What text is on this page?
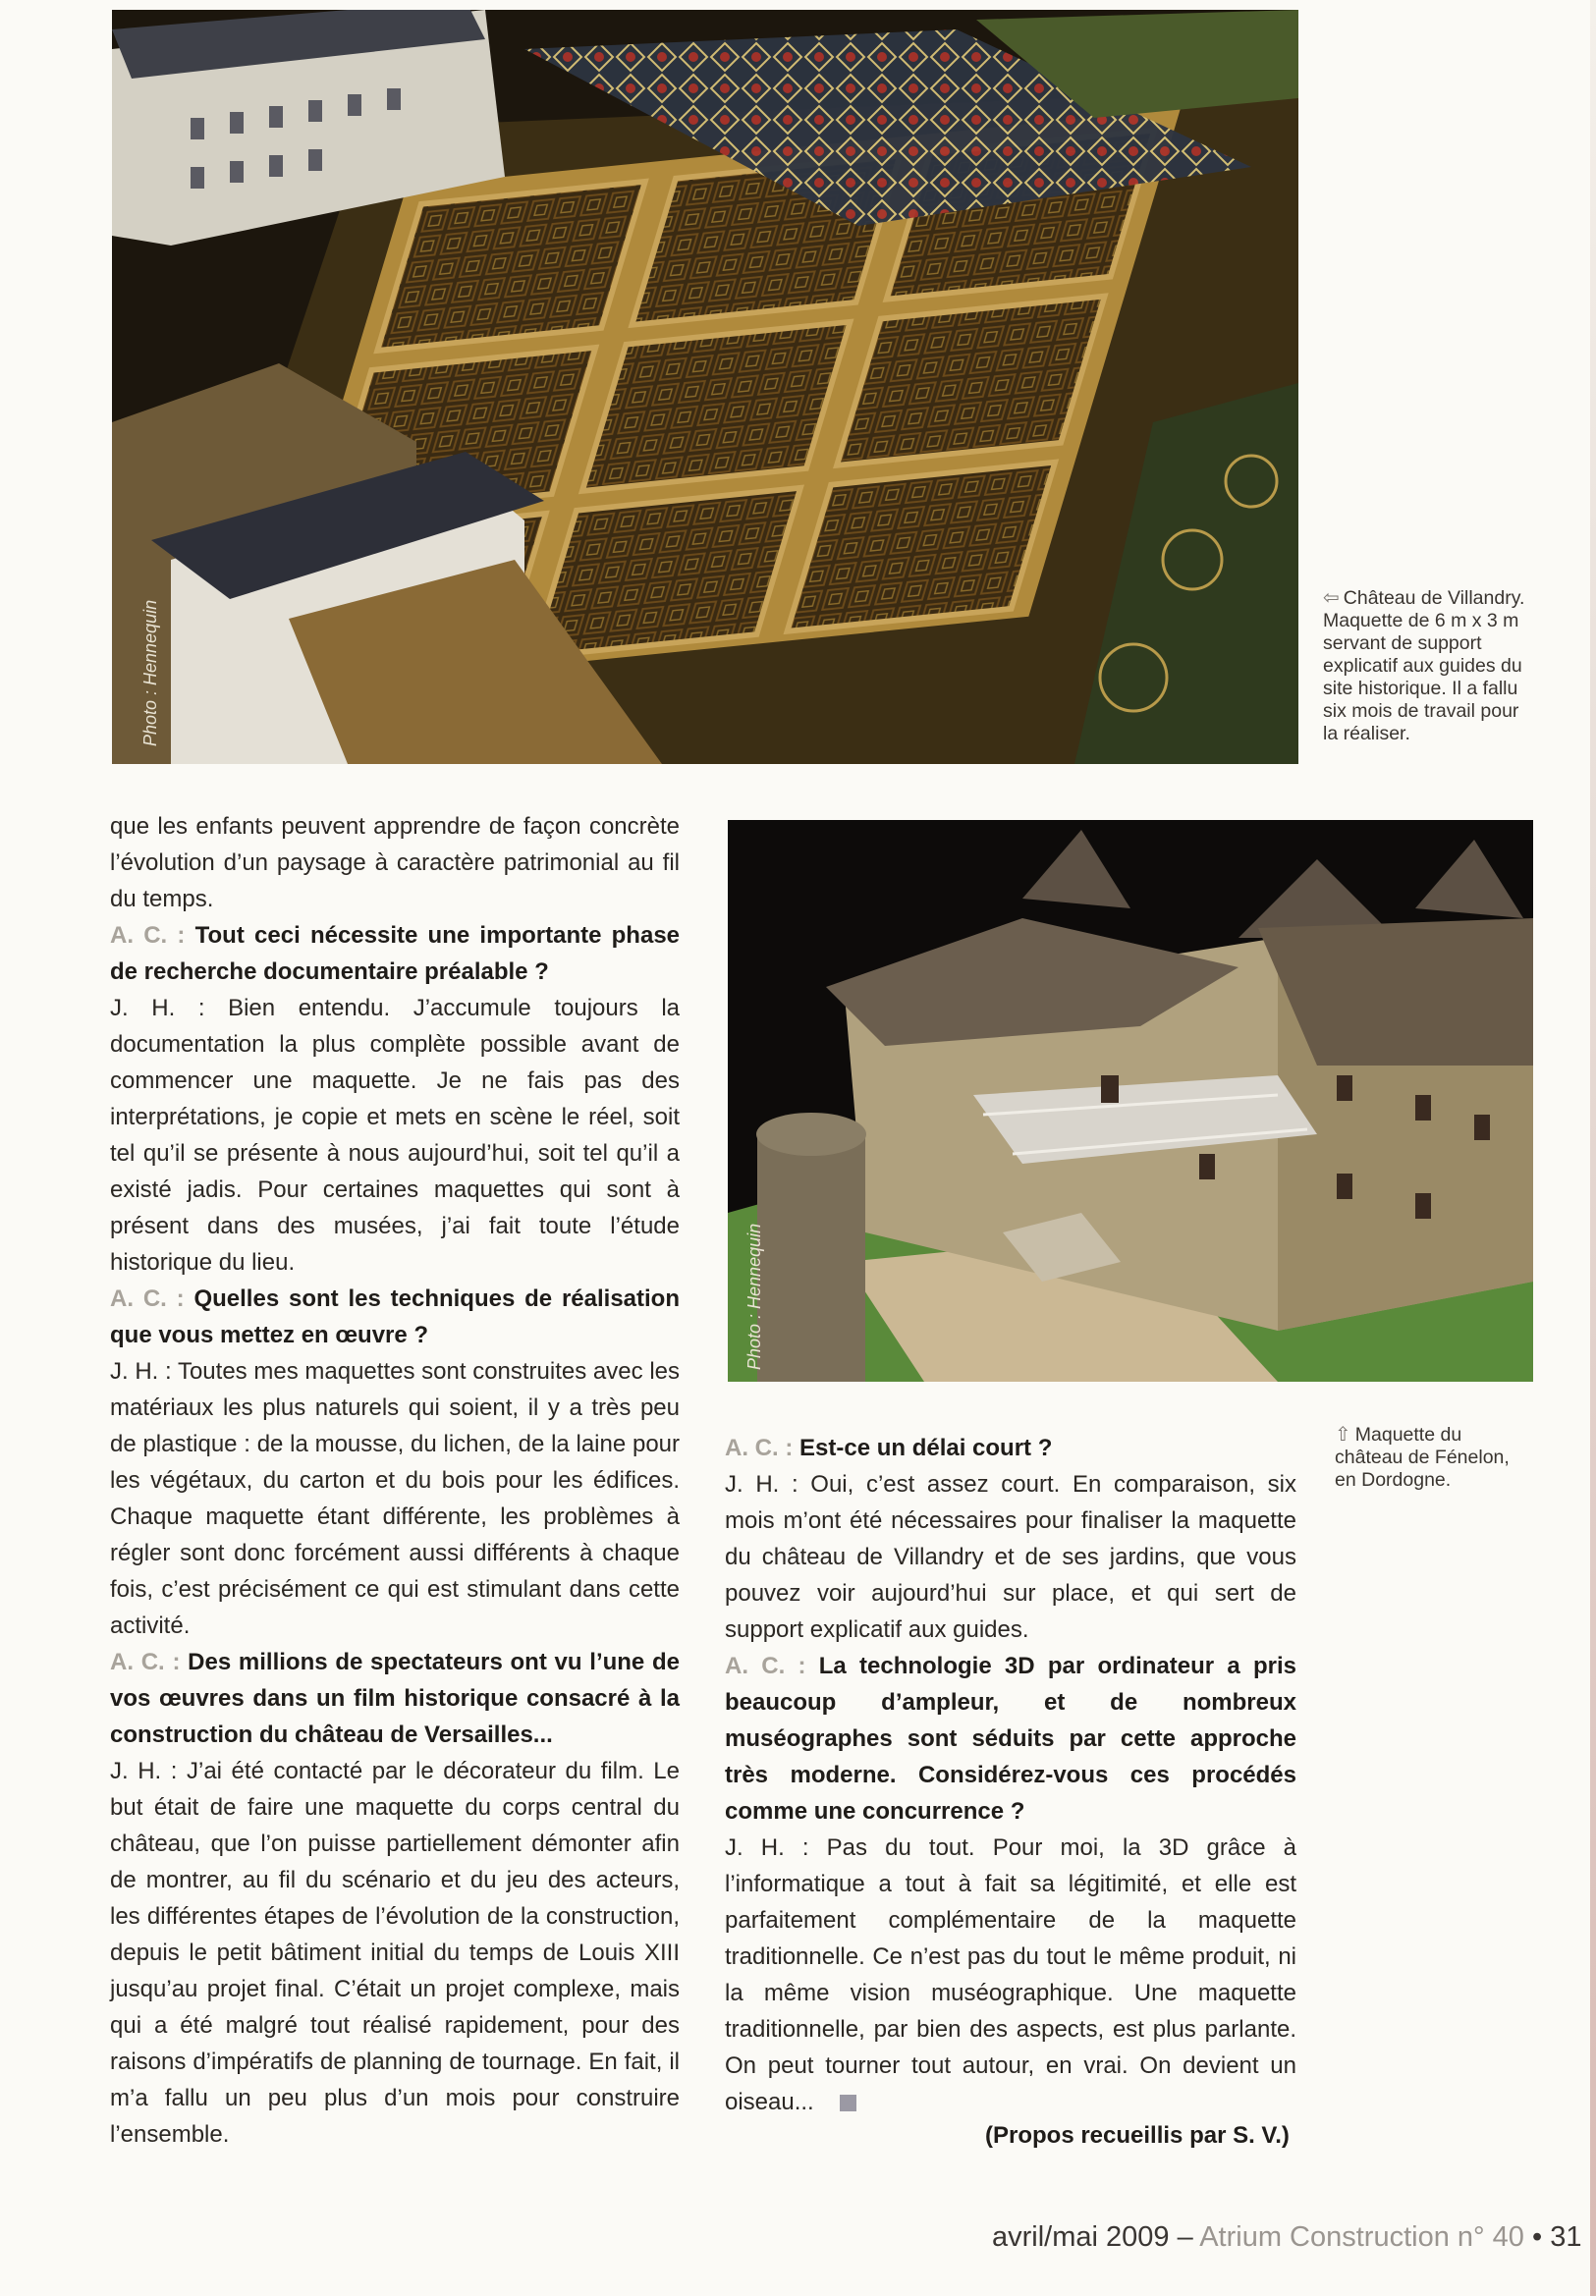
Photo : Hennequin
⇦ Château de Villandry. Maquette de 6 m x 3 m servant de support explicatif aux guides du site historique. Il a fallu six mois de travail pour la réaliser.
Photo : Hennequin
⇧ Maquette du château de Fénelon, en Dordogne.

que les enfants peuvent apprendre de façon concrète l’évolution d’un paysage à caractère patrimonial au fil du temps.

A. C. : Tout ceci nécessite une importante phase de recherche documentaire préalable ?

J. H. : Bien entendu. J’accumule toujours la documentation la plus complète possible avant de commencer une maquette. Je ne fais pas des interprétations, je copie et mets en scène le réel, soit tel qu’il se présente à nous aujourd’hui, soit tel qu’il a existé jadis. Pour certaines maquettes qui sont à présent dans des musées, j’ai fait toute l’étude historique du lieu.

A. C. : Quelles sont les techniques de réalisation que vous mettez en œuvre ?

J. H. : Toutes mes maquettes sont construites avec les matériaux les plus naturels qui soient, il y a très peu de plastique : de la mousse, du lichen, de la laine pour les végétaux, du carton et du bois pour les édifices. Chaque maquette étant différente, les problèmes à régler sont donc forcément aussi différents à chaque fois, c’est précisément ce qui est stimulant dans cette activité.

A. C. : Des millions de spectateurs ont vu l’une de vos œuvres dans un film historique consacré à la construction du château de Versailles...

J. H. : J’ai été contacté par le décorateur du film. Le but était de faire une maquette du corps central du château, que l’on puisse partiellement démonter afin de montrer, au fil du scénario et du jeu des acteurs, les différentes étapes de l’évolution de la construction, depuis le petit bâtiment initial du temps de Louis XIII jusqu’au projet final. C’était un projet complexe, mais qui a été malgré tout réalisé rapidement, pour des raisons d’impératifs de planning de tournage. En fait, il m’a fallu un peu plus d’un mois pour construire l’ensemble.

A. C. : Est-ce un délai court ?

J. H. : Oui, c’est assez court. En comparaison, six mois m’ont été nécessaires pour finaliser la maquette du château de Villandry et de ses jardins, que vous pouvez voir aujourd’hui sur place, et qui sert de support explicatif aux guides.

A. C. : La technologie 3D par ordinateur a pris beaucoup d’ampleur, et de nombreux muséographes sont séduits par cette approche très moderne. Considérez-vous ces procédés comme une concurrence ?

J. H. : Pas du tout. Pour moi, la 3D grâce à l’informatique a tout à fait sa légitimité, et elle est parfaitement complémentaire de la maquette traditionnelle. Ce n’est pas du tout le même produit, ni la même vision muséographique. Une maquette traditionnelle, par bien des aspects, est plus parlante. On peut tourner tout autour, en vrai. On devient un oiseau...

(Propos recueillis par S. V.)
avril/mai 2009 – Atrium Construction n° 40 • 31
